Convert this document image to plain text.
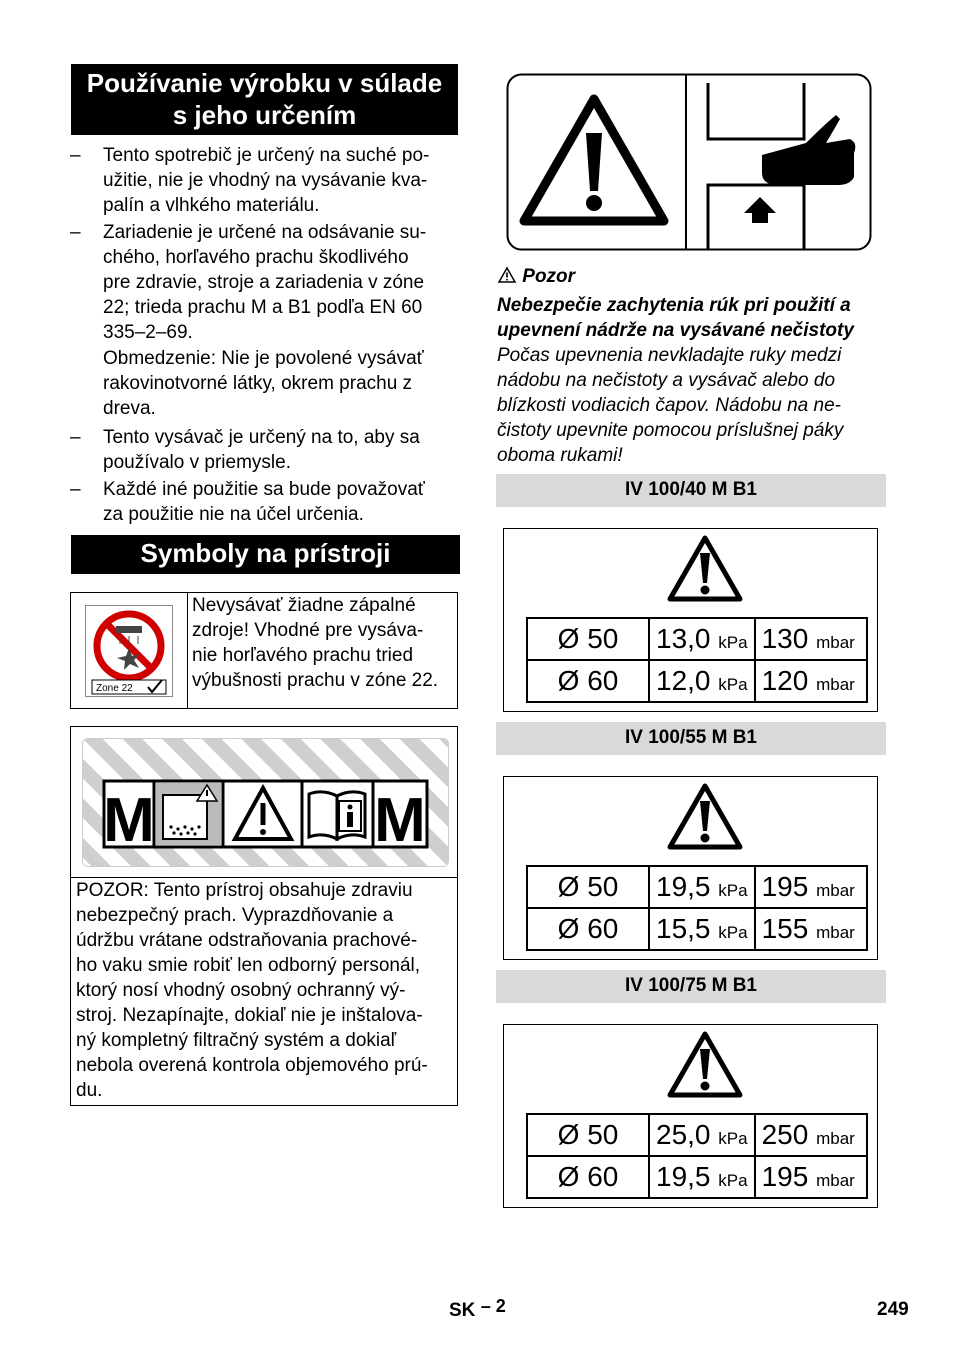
Používanie výrobku v súlade
s jeho určením
–	Tento spotrebič je určený na suché po-
užitie, nie je vhodný na vysávanie kva-
palín a vlhkého materiálu.
–	Zariadenie je určené na odsávanie su-
chého, horľavého prachu škodlivého
pre zdravie, stroje a zariadenia v zóne
22; trieda prachu M a B1 podľa EN 60
335–2–69.
Obmedzenie: Nie je povolené vysávať
rakovinotvorné látky, okrem prachu z
dreva.
–	Tento vysávač je určený na to, aby sa
používalo v priemysle.
–	Každé iné použitie sa bude považovať
za použitie nie na účel určenia.
Symboly na prístroji
Zone 22
Nevysávať žiadne zápalné
zdroje! Vhodné pre vysáva-
nie horľavého prachu tried
výbušnosti prachu v zóne 22.
M	M
POZOR: Tento prístroj obsahuje zdraviu
nebezpečný prach. Vyprazdňovanie a
údržbu vrátane odstraňovania prachové-
ho vaku smie robiť len odborný personál,
ktorý nosí vhodný osobný ochranný vý-
stroj. Nezapínajte, dokiaľ nie je inštalova-
ný kompletný filtračný systém a dokiaľ
nebola overená kontrola objemového prú-
du.
Pozor
Nebezpečie zachytenia rúk pri použití a
upevnení nádrže na vysávané nečistoty
Počas upevnenia nevkladajte ruky medzi
nádobu na nečistoty a vysávač alebo do
blízkosti vodiacich čapov. Nádobu na ne-
čistoty upevnite pomocou príslušnej páky
oboma rukami!
IV 100/40 M B1
Ø 50	13,0 kPa	130 mbar
Ø 60	12,0 kPa	120 mbar
IV 100/55 M B1
Ø 50	19,5 kPa	195 mbar
Ø 60	15,5 kPa	155 mbar
IV 100/75 M B1
Ø 50	25,0 kPa	250 mbar
Ø 60	19,5 kPa	195 mbar
SK – 2	249
